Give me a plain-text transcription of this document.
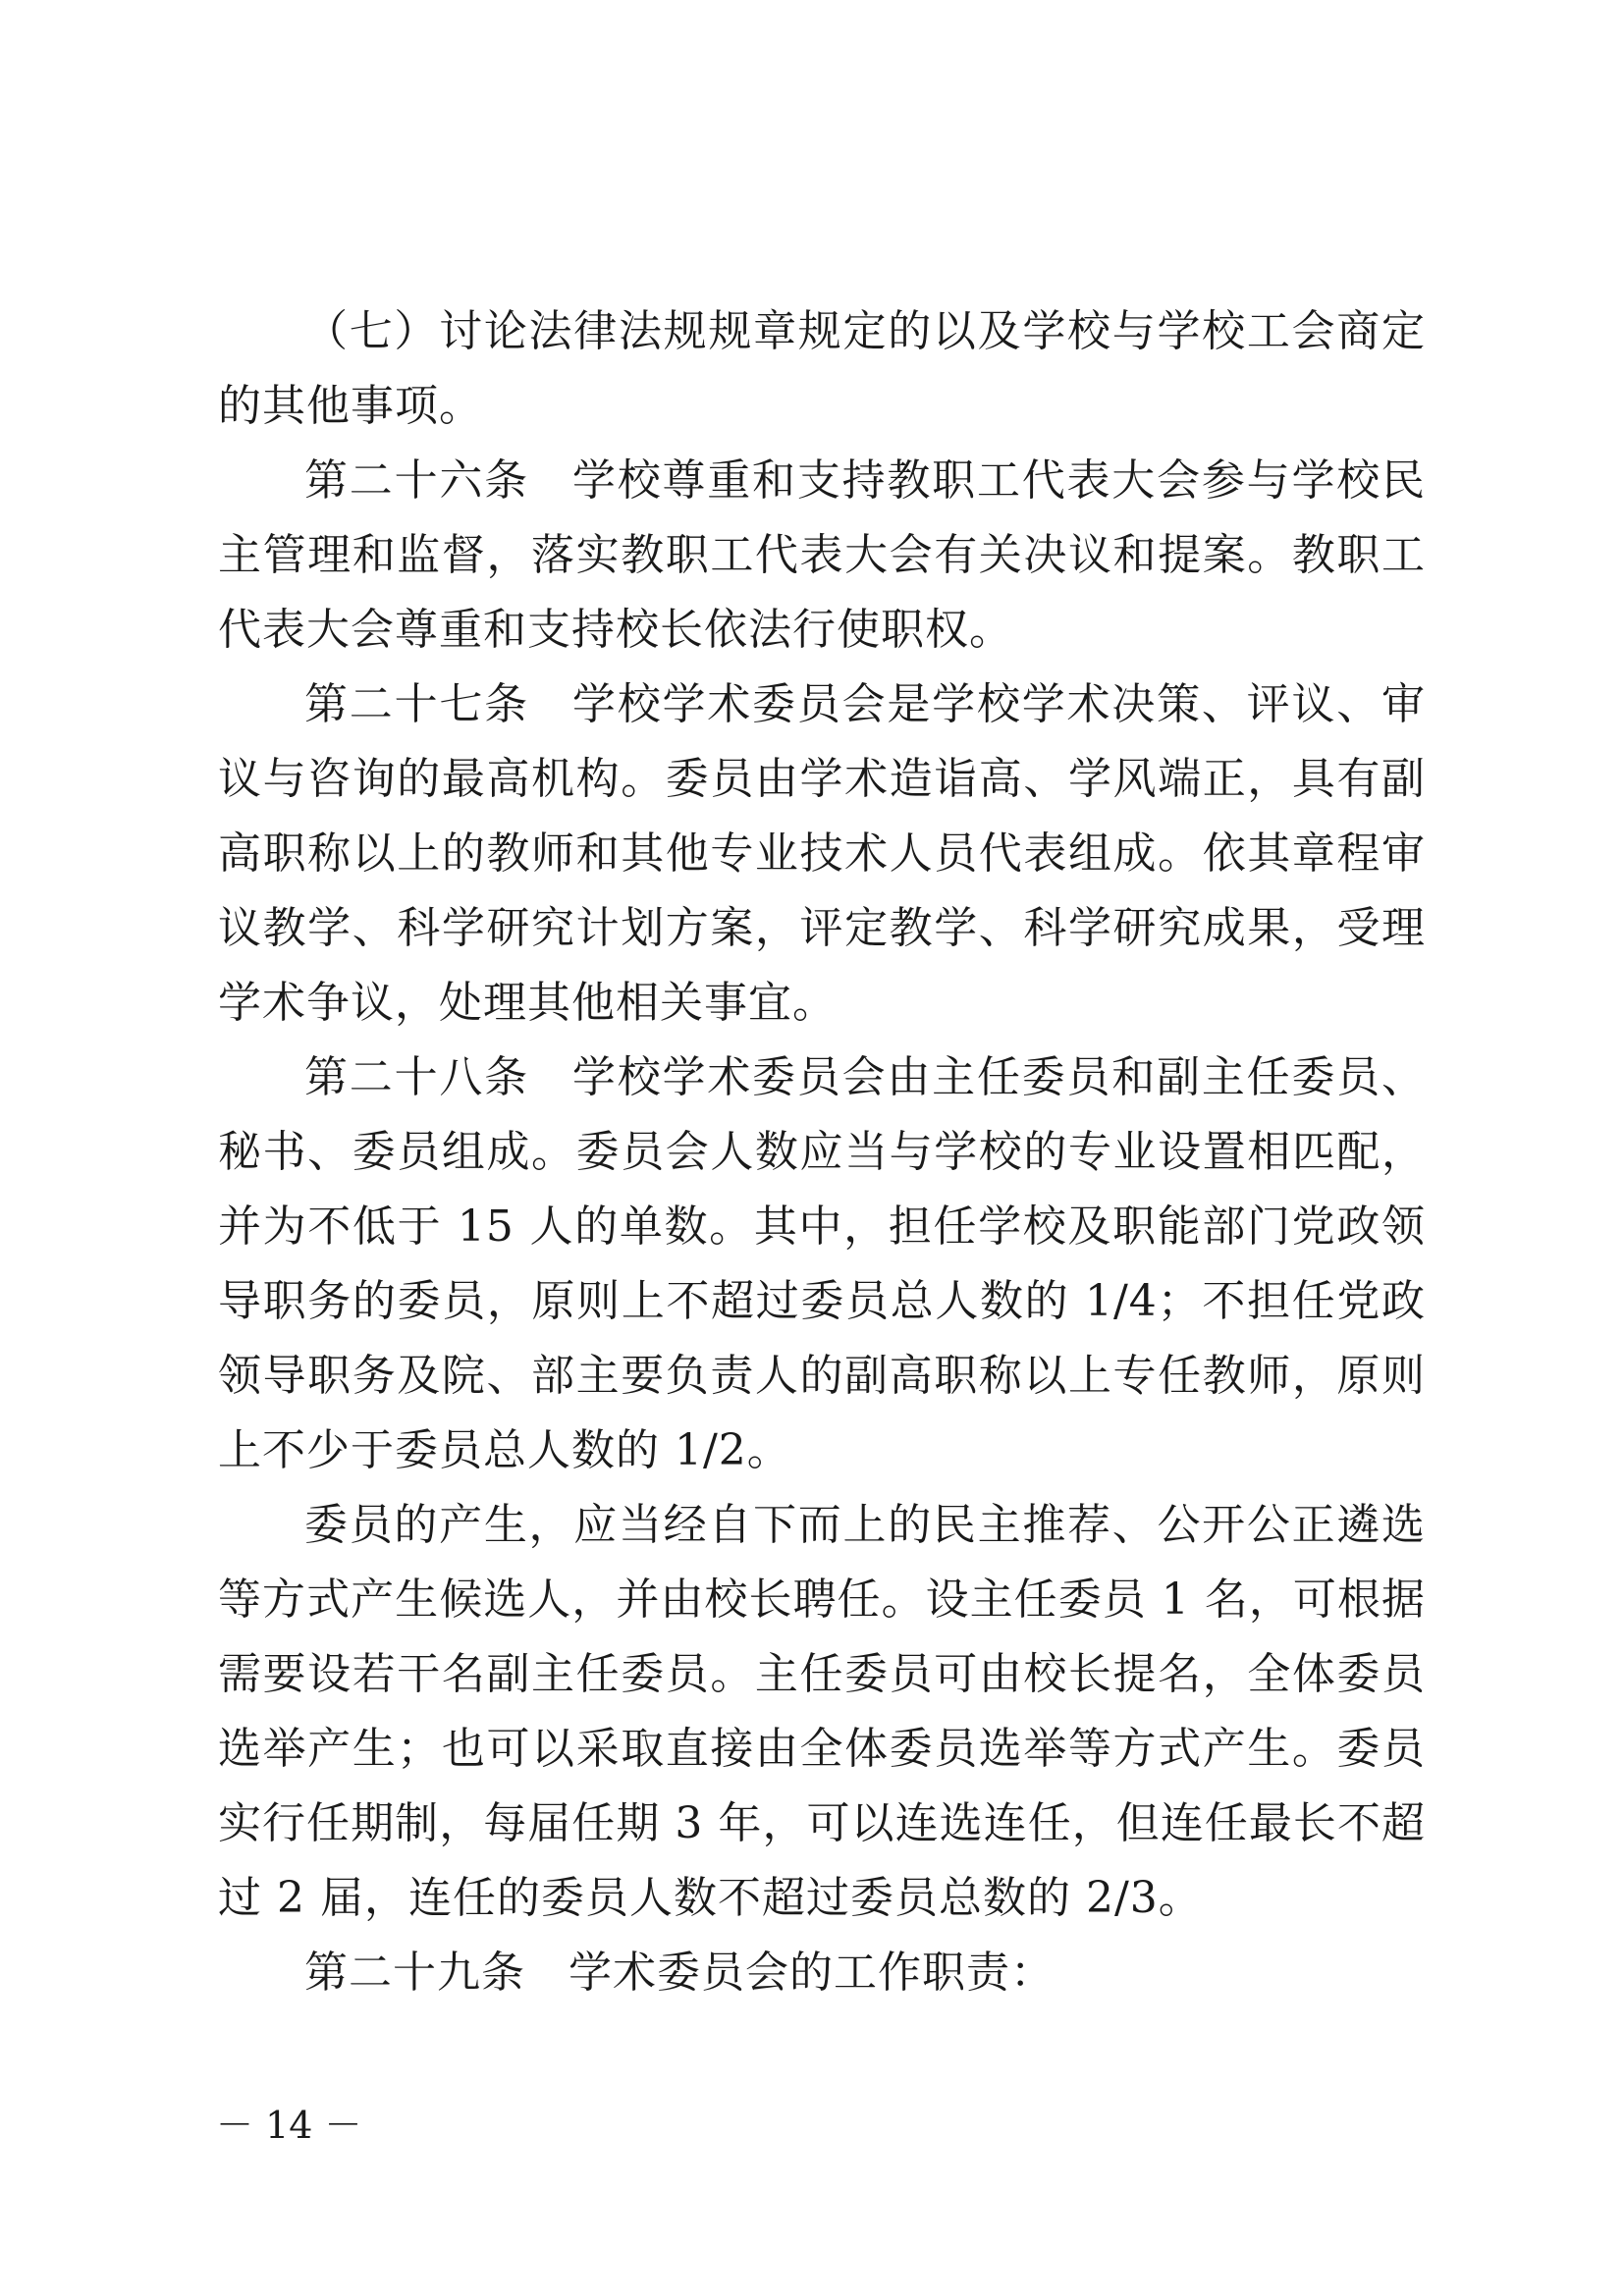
（七）讨论法律法规规章规定的以及学校与学校工会商定的其他事项。

第二十六条 学校尊重和支持教职工代表大会参与学校民主管理和监督，落实教职工代表大会有关决议和提案。教职工代表大会尊重和支持校长依法行使职权。

第二十七条 学校学术委员会是学校学术决策、评议、审议与咨询的最高机构。委员由学术造诣高、学风端正，具有副高职称以上的教师和其他专业技术人员代表组成。依其章程审议教学、科学研究计划方案，评定教学、科学研究成果，受理学术争议，处理其他相关事宜。

第二十八条 学校学术委员会由主任委员和副主任委员、秘书、委员组成。委员会人数应当与学校的专业设置相匹配，并为不低于 15 人的单数。其中，担任学校及职能部门党政领导职务的委员，原则上不超过委员总人数的 1/4；不担任党政领导职务及院、部主要负责人的副高职称以上专任教师，原则上不少于委员总人数的 1/2。

委员的产生，应当经自下而上的民主推荐、公开公正遴选等方式产生候选人，并由校长聘任。设主任委员 1 名，可根据需要设若干名副主任委员。主任委员可由校长提名，全体委员选举产生；也可以采取直接由全体委员选举等方式产生。委员实行任期制，每届任期 3 年，可以连选连任，但连任最长不超过 2 届，连任的委员人数不超过委员总数的 2/3。

第二十九条 学术委员会的工作职责：

－ 14 －
